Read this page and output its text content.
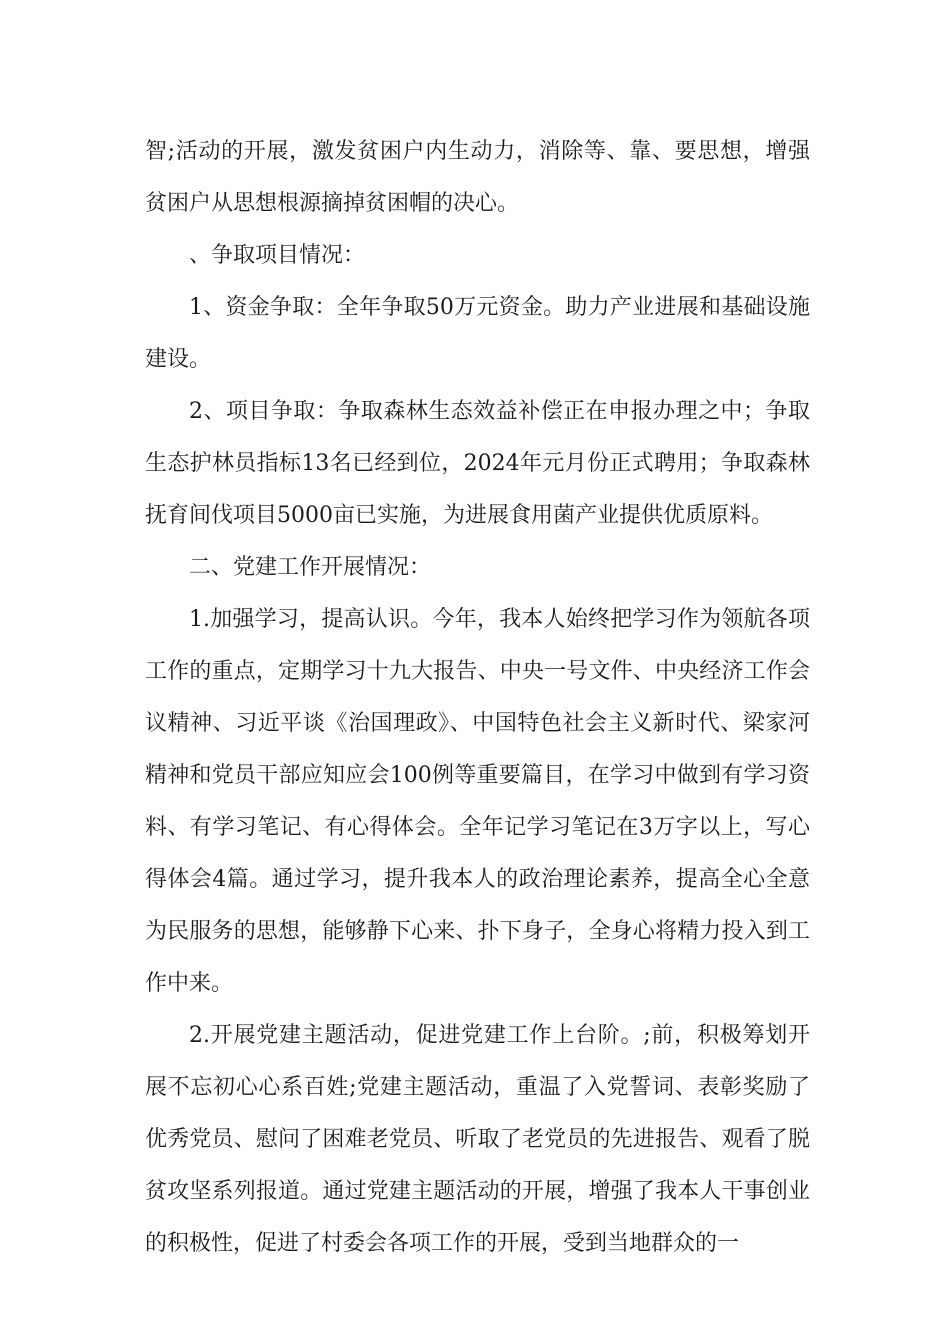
智;活动的开展，激发贫困户内生动力，消除等、靠、要思想，增强贫困户从思想根源摘掉贫困帽的决心。

、争取项目情况：

1、资金争取：全年争取50万元资金。助力产业进展和基础设施建设。

2、项目争取：争取森林生态效益补偿正在申报办理之中；争取生态护林员指标13名已经到位，2024年元月份正式聘用；争取森林抚育间伐项目5000亩已实施，为进展食用菌产业提供优质原料。

二、党建工作开展情况：

1.加强学习，提高认识。今年，我本人始终把学习作为领航各项工作的重点，定期学习十九大报告、中央一号文件、中央经济工作会议精神、习近平谈《治国理政》、中国特色社会主义新时代、梁家河精神和党员干部应知应会100例等重要篇目，在学习中做到有学习资料、有学习笔记、有心得体会。全年记学习笔记在3万字以上，写心得体会4篇。通过学习，提升我本人的政治理论素养，提高全心全意为民服务的思想，能够静下心来、扑下身子，全身心将精力投入到工作中来。

2.开展党建主题活动，促进党建工作上台阶。;前，积极筹划开展不忘初心心系百姓;党建主题活动，重温了入党誓词、表彰奖励了优秀党员、慰问了困难老党员、听取了老党员的先进报告、观看了脱贫攻坚系列报道。通过党建主题活动的开展，增强了我本人干事创业的积极性，促进了村委会各项工作的开展，受到当地群众的一
